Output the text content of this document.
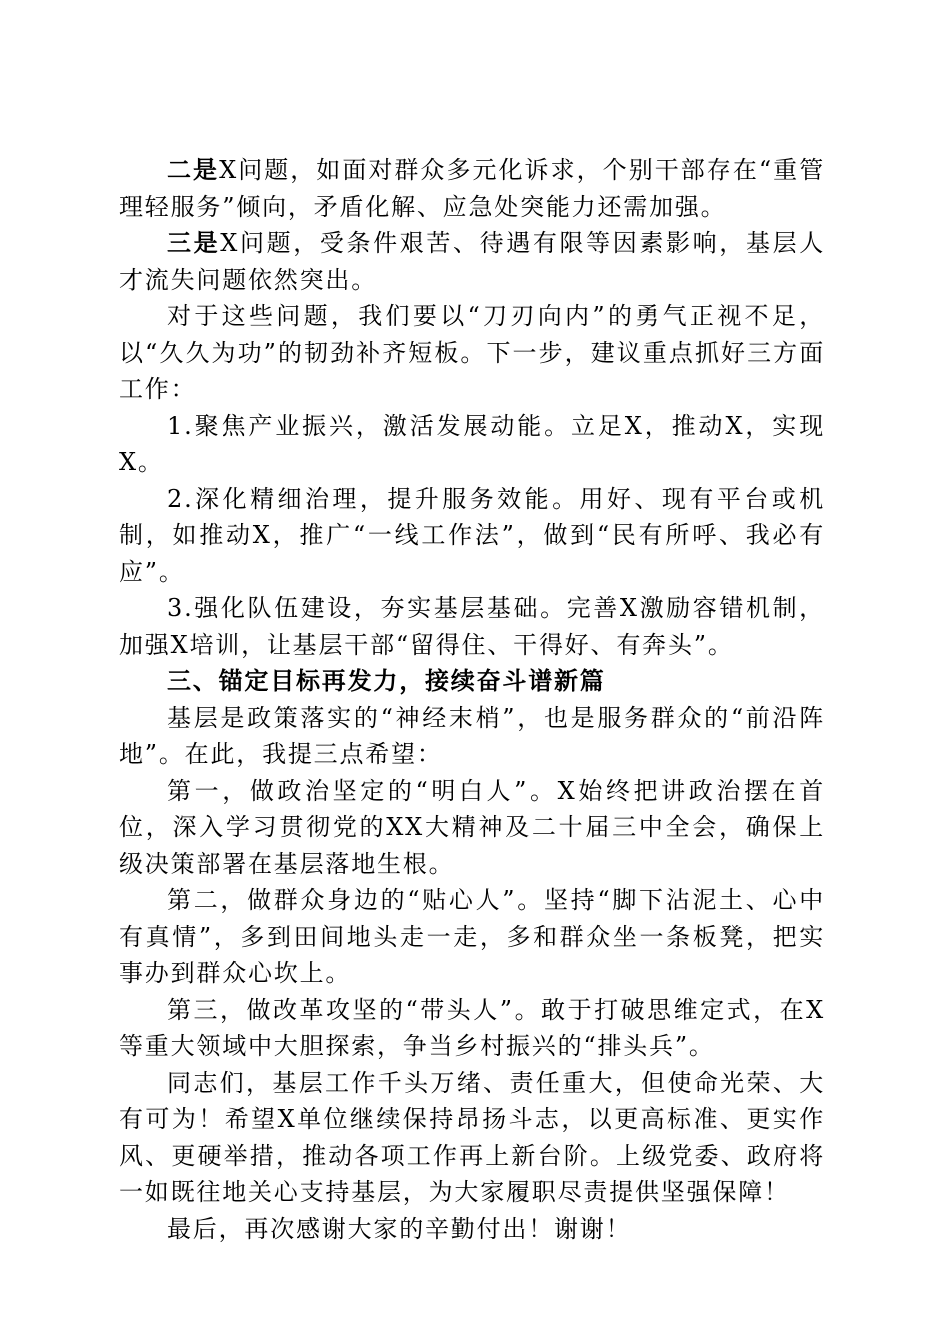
二是X问题，如面对群众多元化诉求，个别干部存在“重管理轻服务”倾向，矛盾化解、应急处突能力还需加强。

三是X问题，受条件艰苦、待遇有限等因素影响，基层人才流失问题依然突出。

对于这些问题，我们要以“刀刃向内”的勇气正视不足，以“久久为功”的韧劲补齐短板。下一步，建议重点抓好三方面工作：

1.聚焦产业振兴，激活发展动能。立足X，推动X，实现X。

2.深化精细治理，提升服务效能。用好、现有平台或机制，如推动X，推广“一线工作法”，做到“民有所呼、我必有应”。

3.强化队伍建设，夯实基层基础。完善X激励容错机制，加强X培训，让基层干部“留得住、干得好、有奔头”。

三、锚定目标再发力，接续奋斗谱新篇

基层是政策落实的“神经末梢”，也是服务群众的“前沿阵地”。在此，我提三点希望：

第一，做政治坚定的“明白人”。X始终把讲政治摆在首位，深入学习贯彻党的XX大精神及二十届三中全会，确保上级决策部署在基层落地生根。

第二，做群众身边的“贴心人”。坚持“脚下沾泥土、心中有真情”，多到田间地头走一走，多和群众坐一条板凳，把实事办到群众心坎上。

第三，做改革攻坚的“带头人”。敢于打破思维定式，在X等重大领域中大胆探索，争当乡村振兴的“排头兵”。

同志们，基层工作千头万绪、责任重大，但使命光荣、大有可为！希望X单位继续保持昂扬斗志，以更高标准、更实作风、更硬举措，推动各项工作再上新台阶。上级党委、政府将一如既往地关心支持基层，为大家履职尽责提供坚强保障！

最后，再次感谢大家的辛勤付出！谢谢！
